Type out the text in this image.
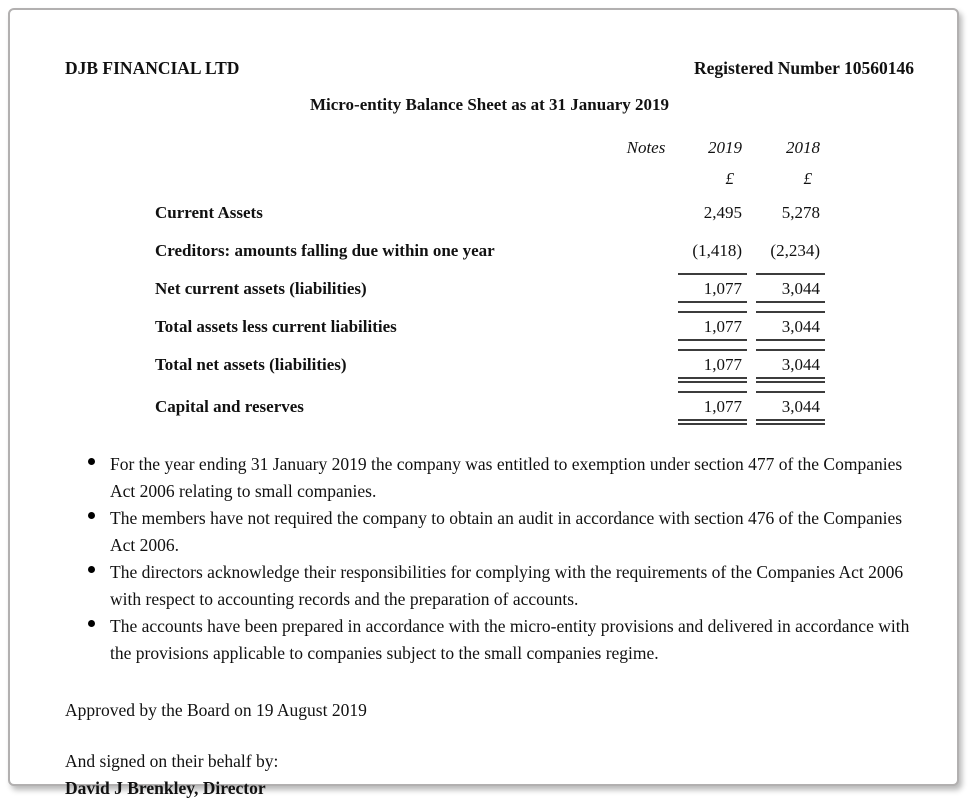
DJB FINANCIAL LTD	Registered Number 10560146
Micro-entity Balance Sheet as at 31 January 2019
Notes	2019	2018
£	£
Current Assets	2,495	5,278
Creditors: amounts falling due within one year	(1,418)	(2,234)
Net current assets (liabilities)	1,077	3,044
Total assets less current liabilities	1,077	3,044
Total net assets (liabilities)	1,077	3,044
Capital and reserves	1,077	3,044
For the year ending 31 January 2019 the company was entitled to exemption under section 477 of the Companies Act 2006 relating to small companies.
The members have not required the company to obtain an audit in accordance with section 476 of the Companies Act 2006.
The directors acknowledge their responsibilities for complying with the requirements of the Companies Act 2006 with respect to accounting records and the preparation of accounts.
The accounts have been prepared in accordance with the micro-entity provisions and delivered in accordance with the provisions applicable to companies subject to the small companies regime.

Approved by the Board on 19 August 2019

And signed on their behalf by:

David J Brenkley, Director
